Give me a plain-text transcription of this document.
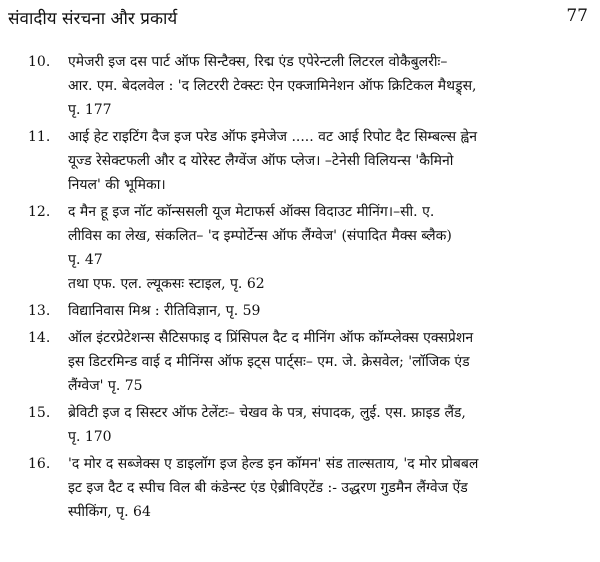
संवादीय संरचना और प्रकार्य	77
10. एमेजरी इज दस पार्ट ऑफ सिन्टैक्स, रिद्म एंड एपेरेन्टली लिटरल वोकैबुलरीः–
आर. एम. बेदलवेल : 'द लिटररी टेक्स्टः ऐन एक्जामिनेशन ऑफ क्रिटिकल मैथड्र्स,
पृ. 177
11. आई हेट राइटिंग दैज इज परेड ऑफ इमेजेज ..... वट आई रिपोट दैट सिम्बल्स ह्वेन
यूज्ड रेसेक्टफली और द योरेस्ट लैग्वेंज ऑफ प्लेज। –टेनेसी विलियन्स 'कैमिनो
नियल' की भूमिका।
12. द मैन हू इज नॉट कॉन्ससली यूज मेटाफर्स ऑक्स विदाउट मीनिंग।–सी. ए.
लीविस का लेख, संकलित– 'द इम्पोर्टेन्स ऑफ लैंग्वेज' (संपादित मैक्स ब्लैक)
पृ. 47
तथा एफ. एल. ल्यूकसः स्टाइल, पृ. 62
13. विद्यानिवास मिश्र : रीतिविज्ञान, पृ. 59
14. ऑल इंटरप्रेटेशन्स सैटिसफाइ द प्रिंसिपल दैट द मीनिंग ऑफ कॉम्प्लेक्स एक्सप्रेशन
इस डिटरमिन्ड वाई द मीनिंग्स ऑफ इट्स पार्ट्सः– एम. जे. क्रेसवेल; 'लॉजिक एंड
लैंग्वेज' पृ. 75
15. ब्रेविटी इज द सिस्टर ऑफ टेलेंटः– चेखव के पत्र, संपादक, लुई. एस. फ्राइड लैंड,
पृ. 170
16. 'द मोर द सब्जेक्स ए डाइलॉग इज हेल्ड इन कॉमन' संड ताल्सताय, 'द मोर प्रोबबल
इट इज दैट द स्पीच विल बी कंडेन्स्ट एंड ऐब्रीविएटेंड :- उद्धरण गुडमैन लैंग्वेज ऐंड
स्पीकिंग, पृ. 64
